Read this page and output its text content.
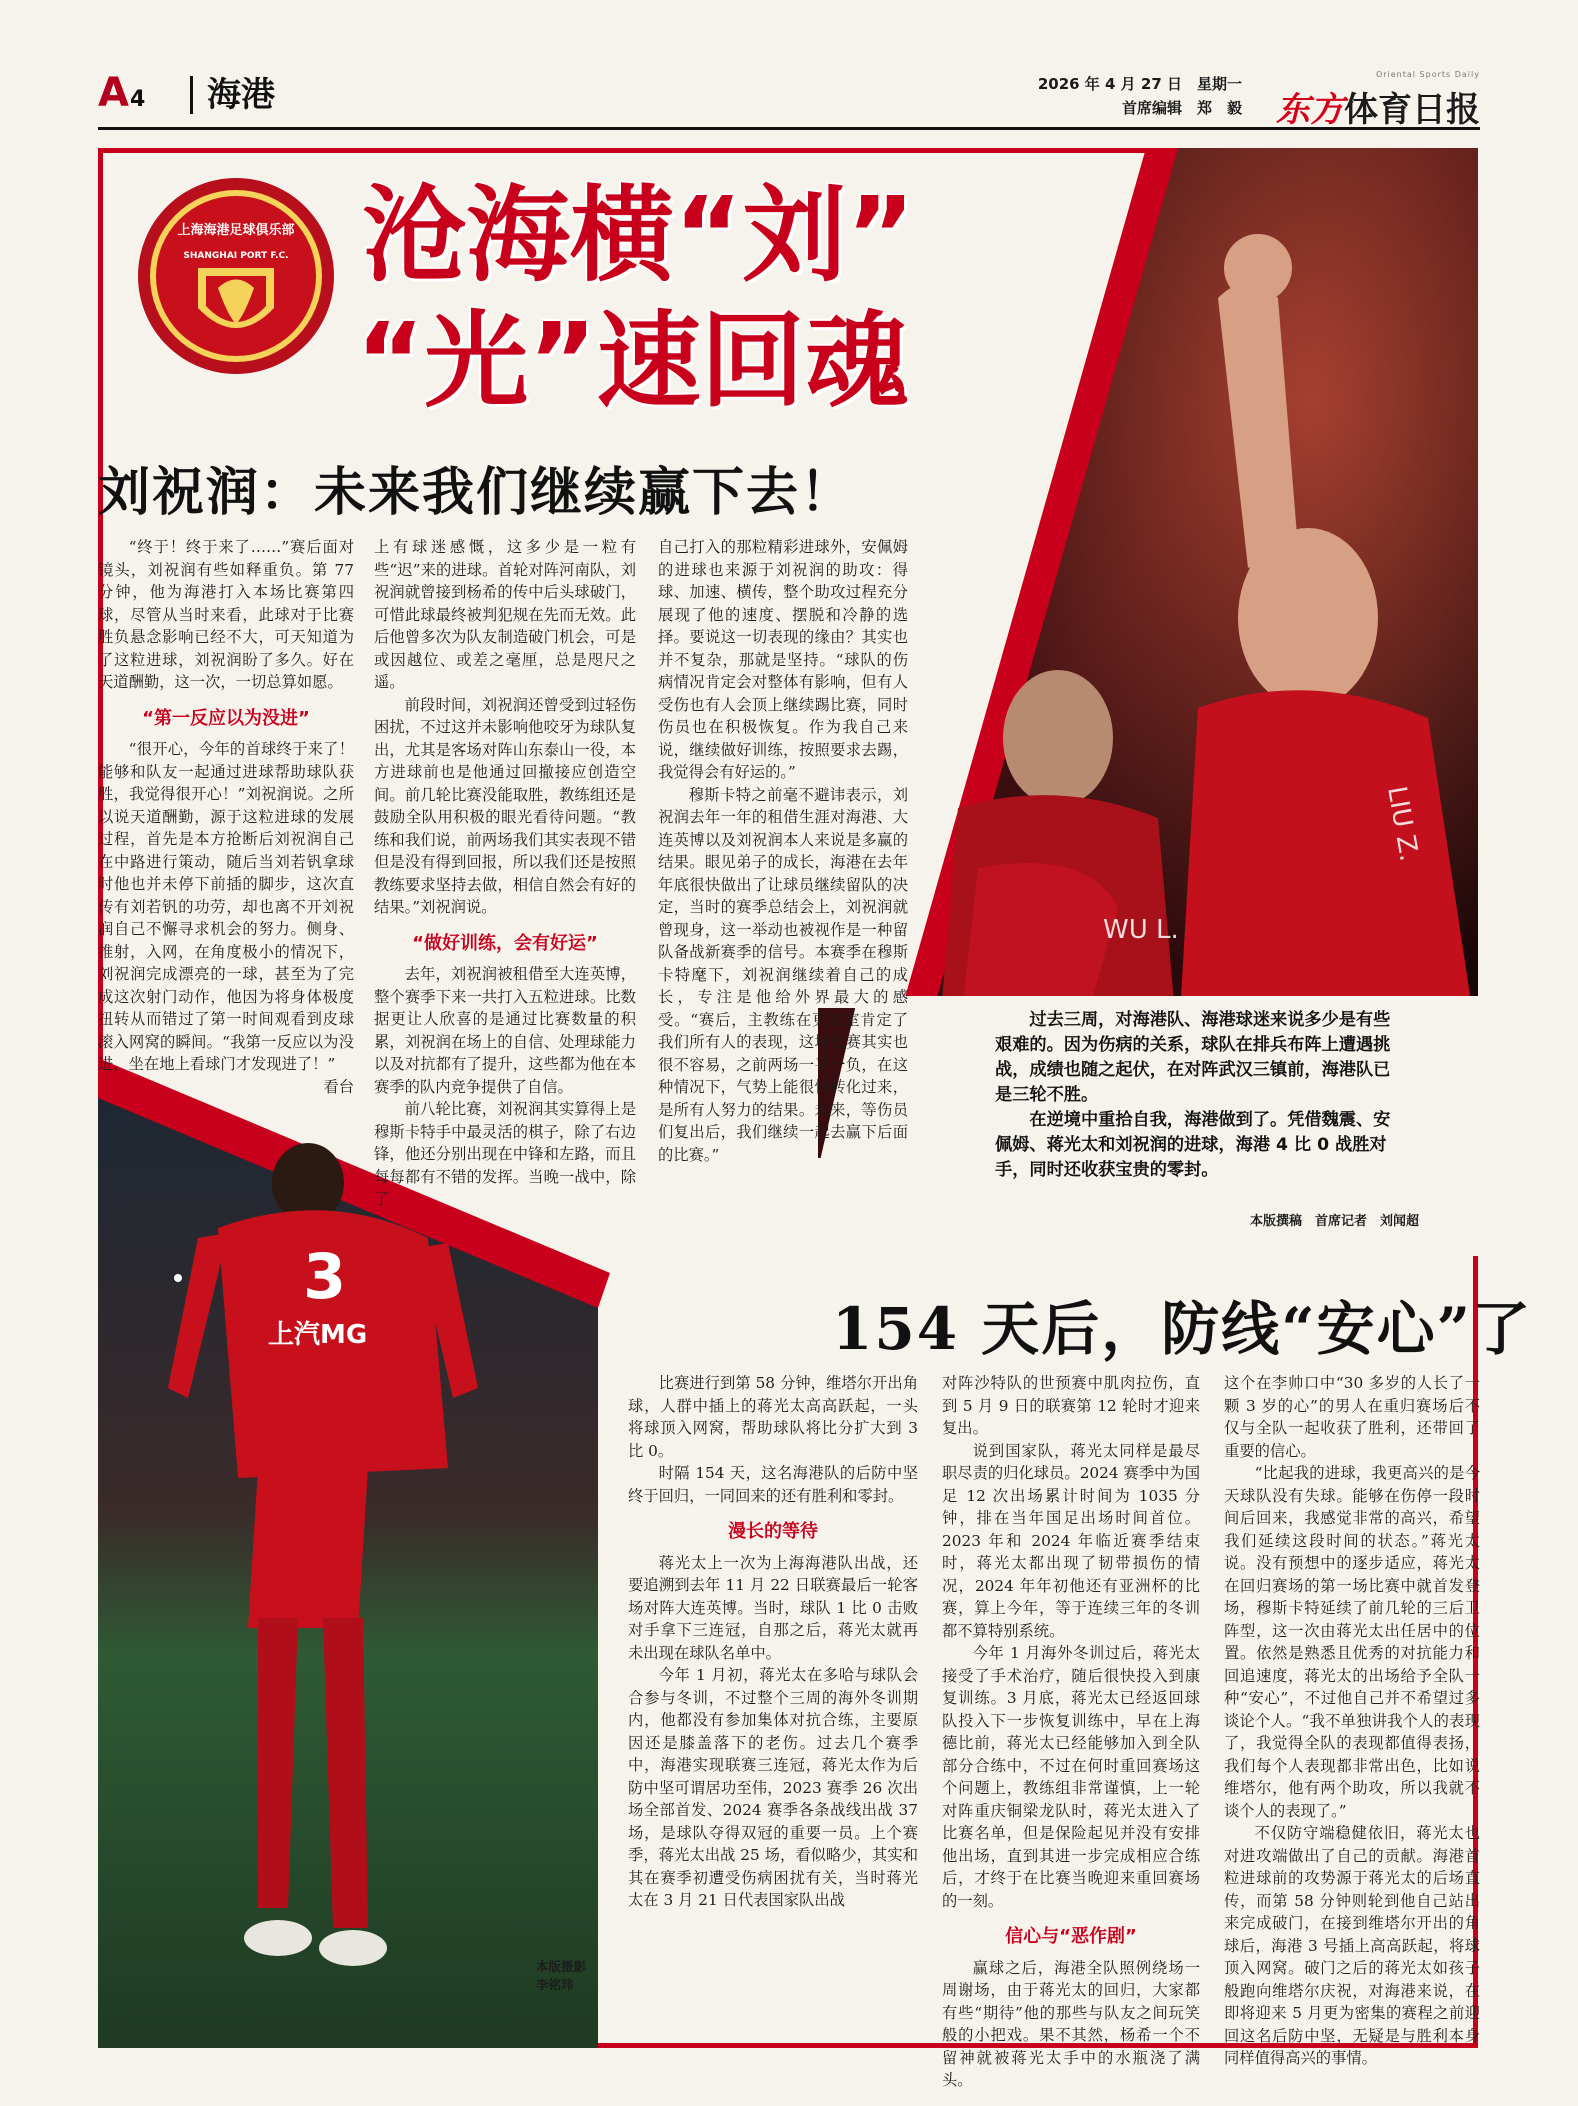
A4	海港	2026 年 4 月 27 日　星期一
首席编辑　郑　毅
Oriental Sports Daily
东方体育日报
WU L.
LIU Z.
3
上汽MG
上海海港足球俱乐部
SHANGHAI PORT F.C. 沧海横“刘”
“光”速回魂
刘祝润：未来我们继续赢下去！

“终于！终于来了……”赛后面对镜头，刘祝润有些如释重负。第 77 分钟，他为海港打入本场比赛第四球，尽管从当时来看，此球对于比赛胜负悬念影响已经不大，可天知道为了这粒进球，刘祝润盼了多久。好在天道酬勤，这一次，一切总算如愿。

“第一反应以为没进”

“很开心，今年的首球终于来了！能够和队友一起通过进球帮助球队获胜，我觉得很开心！”刘祝润说。之所以说天道酬勤，源于这粒进球的发展过程，首先是本方抢断后刘祝润自己在中路进行策动，随后当刘若钒拿球时他也并未停下前插的脚步，这次直传有刘若钒的功劳，却也离不开刘祝润自己不懈寻求机会的努力。侧身、推射，入网，在角度极小的情况下，刘祝润完成漂亮的一球，甚至为了完成这次射门动作，他因为将身体极度扭转从而错过了第一时间观看到皮球滚入网窝的瞬间。“我第一反应以为没进，坐在地上看球门才发现进了！”

看台

上有球迷感慨，这多少是一粒有些“迟”来的进球。首轮对阵河南队，刘祝润就曾接到杨希的传中后头球破门，可惜此球最终被判犯规在先而无效。此后他曾多次为队友制造破门机会，可是或因越位、或差之毫厘，总是咫尺之遥。

前段时间，刘祝润还曾受到过轻伤困扰，不过这并未影响他咬牙为球队复出，尤其是客场对阵山东泰山一役，本方进球前也是他通过回撤接应创造空间。前几轮比赛没能取胜，教练组还是鼓励全队用积极的眼光看待问题。“教练和我们说，前两场我们其实表现不错但是没有得到回报，所以我们还是按照教练要求坚持去做，相信自然会有好的结果。”刘祝润说。

“做好训练，会有好运”

去年，刘祝润被租借至大连英博，整个赛季下来一共打入五粒进球。比数据更让人欣喜的是通过比赛数量的积累，刘祝润在场上的自信、处理球能力以及对抗都有了提升，这些都为他在本赛季的队内竞争提供了自信。

前八轮比赛，刘祝润其实算得上是穆斯卡特手中最灵活的棋子，除了右边锋，他还分别出现在中锋和左路，而且每每都有不错的发挥。当晚一战中，除了

自己打入的那粒精彩进球外，安佩姆的进球也来源于刘祝润的助攻：得球、加速、横传，整个助攻过程充分展现了他的速度、摆脱和冷静的选择。要说这一切表现的缘由？其实也并不复杂，那就是坚持。“球队的伤病情况肯定会对整体有影响，但有人受伤也有人会顶上继续踢比赛，同时伤员也在积极恢复。作为我自己来说，继续做好训练，按照要求去踢，我觉得会有好运的。”

穆斯卡特之前毫不避讳表示，刘祝润去年一年的租借生涯对海港、大连英博以及刘祝润本人来说是多赢的结果。眼见弟子的成长，海港在去年年底很快做出了让球员继续留队的决定，当时的赛季总结会上，刘祝润就曾现身，这一举动也被视作是一种留队备战新赛季的信号。本赛季在穆斯卡特麾下，刘祝润继续着自己的成长，专注是他给外界最大的感受。“赛后，主教练在更衣室肯定了我们所有人的表现，这场比赛其实也很不容易，之前两场一平一负，在这种情况下，气势上能很快转化过来，是所有人努力的结果。未来，等伤员们复出后，我们继续一起去赢下后面的比赛。”

过去三周，对海港队、海港球迷来说多少是有些艰难的。因为伤病的关系，球队在排兵布阵上遭遇挑战，成绩也随之起伏，在对阵武汉三镇前，海港队已是三轮不胜。

在逆境中重拾自我，海港做到了。凭借魏震、安佩姆、蒋光太和刘祝润的进球，海港 4 比 0 战胜对手，同时还收获宝贵的零封。

本版撰稿　首席记者　刘闻超
154 天后，防线“安心”了

比赛进行到第 58 分钟，维塔尔开出角球，人群中插上的蒋光太高高跃起，一头将球顶入网窝，帮助球队将比分扩大到 3 比 0。

时隔 154 天，这名海港队的后防中坚终于回归，一同回来的还有胜利和零封。

漫长的等待

蒋光太上一次为上海海港队出战，还要追溯到去年 11 月 22 日联赛最后一轮客场对阵大连英博。当时，球队 1 比 0 击败对手拿下三连冠，自那之后，蒋光太就再未出现在球队名单中。

今年 1 月初，蒋光太在多哈与球队会合参与冬训，不过整个三周的海外冬训期内，他都没有参加集体对抗合练，主要原因还是膝盖落下的老伤。过去几个赛季中，海港实现联赛三连冠，蒋光太作为后防中坚可谓居功至伟，2023 赛季 26 次出场全部首发、2024 赛季各条战线出战 37 场，是球队夺得双冠的重要一员。上个赛季，蒋光太出战 25 场，看似略少，其实和其在赛季初遭受伤病困扰有关，当时蒋光太在 3 月 21 日代表国家队出战

对阵沙特队的世预赛中肌肉拉伤，直到 5 月 9 日的联赛第 12 轮时才迎来复出。

说到国家队，蒋光太同样是最尽职尽责的归化球员。2024 赛季中为国足 12 次出场累计时间为 1035 分钟，排在当年国足出场时间首位。2023 年和 2024 年临近赛季结束时，蒋光太都出现了韧带损伤的情况，2024 年年初他还有亚洲杯的比赛，算上今年，等于连续三年的冬训都不算特别系统。

今年 1 月海外冬训过后，蒋光太接受了手术治疗，随后很快投入到康复训练。3 月底，蒋光太已经返回球队投入下一步恢复训练中，早在上海德比前，蒋光太已经能够加入到全队部分合练中，不过在何时重回赛场这个问题上，教练组非常谨慎，上一轮对阵重庆铜梁龙队时，蒋光太进入了比赛名单，但是保险起见并没有安排他出场，直到其进一步完成相应合练后，才终于在比赛当晚迎来重回赛场的一刻。

信心与“恶作剧”

赢球之后，海港全队照例绕场一周谢场，由于蒋光太的回归，大家都有些“期待”他的那些与队友之间玩笑般的小把戏。果不其然，杨希一个不留神就被蒋光太手中的水瓶浇了满头。

这个在李帅口中“30 多岁的人长了一颗 3 岁的心”的男人在重归赛场后不仅与全队一起收获了胜利，还带回了重要的信心。

“比起我的进球，我更高兴的是今天球队没有失球。能够在伤停一段时间后回来，我感觉非常的高兴，希望我们延续这段时间的状态。”蒋光太说。没有预想中的逐步适应，蒋光太在回归赛场的第一场比赛中就首发登场，穆斯卡特延续了前几轮的三后卫阵型，这一次由蒋光太出任居中的位置。依然是熟悉且优秀的对抗能力和回追速度，蒋光太的出场给予全队一种“安心”，不过他自己并不希望过多谈论个人。“我不单独讲我个人的表现了，我觉得全队的表现都值得表扬，我们每个人表现都非常出色，比如说维塔尔，他有两个助攻，所以我就不谈个人的表现了。”

不仅防守端稳健依旧，蒋光太也对进攻端做出了自己的贡献。海港首粒进球前的攻势源于蒋光太的后场直传，而第 58 分钟则轮到他自己站出来完成破门，在接到维塔尔开出的角球后，海港 3 号插上高高跃起，将球顶入网窝。破门之后的蒋光太如孩子般跑向维塔尔庆祝，对海港来说，在即将迎来 5 月更为密集的赛程之前迎回这名后防中坚，无疑是与胜利本身同样值得高兴的事情。

本版摄影
李铭玮
